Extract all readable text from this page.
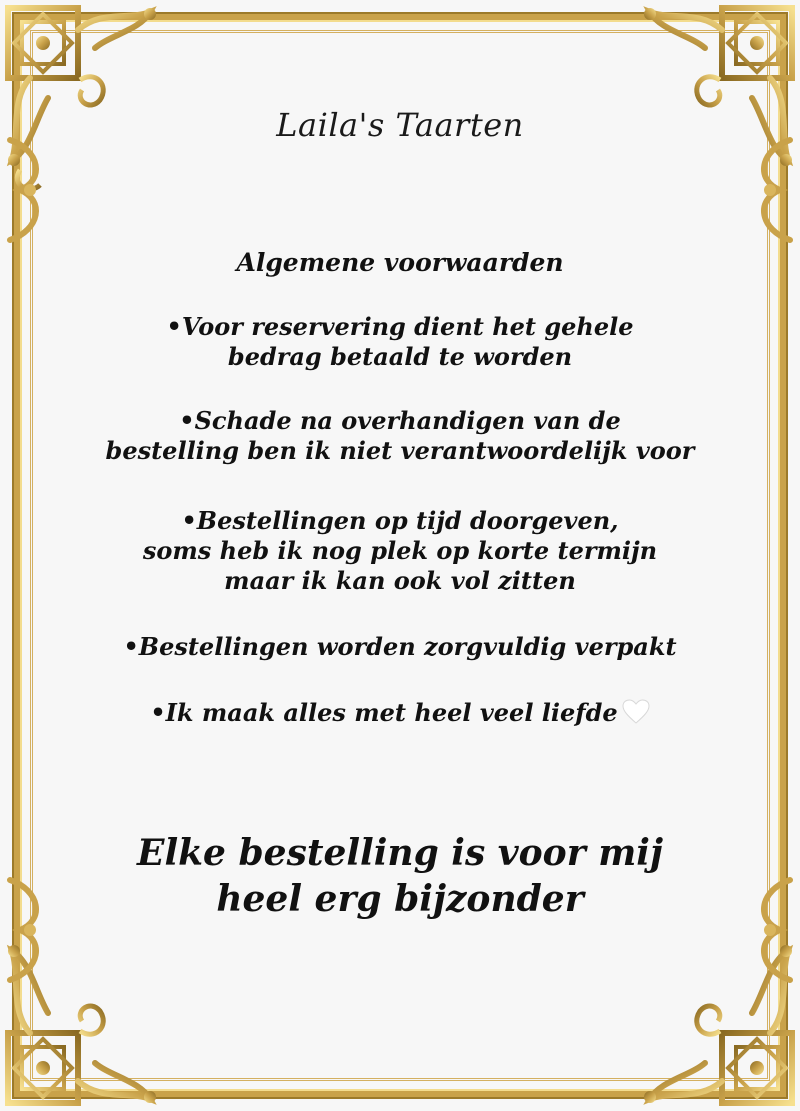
Laila's Taarten
Algemene voorwaarden
•Voor reservering dient het gehele
bedrag betaald te worden
•Schade na overhandigen van de
bestelling ben ik niet verantwoordelijk voor
•Bestellingen op tijd doorgeven,
soms heb ik nog plek op korte termijn
maar ik kan ook vol zitten
•Bestellingen worden zorgvuldig verpakt
•Ik maak alles met heel veel liefde
Elke bestelling is voor mij
heel erg bijzonder
